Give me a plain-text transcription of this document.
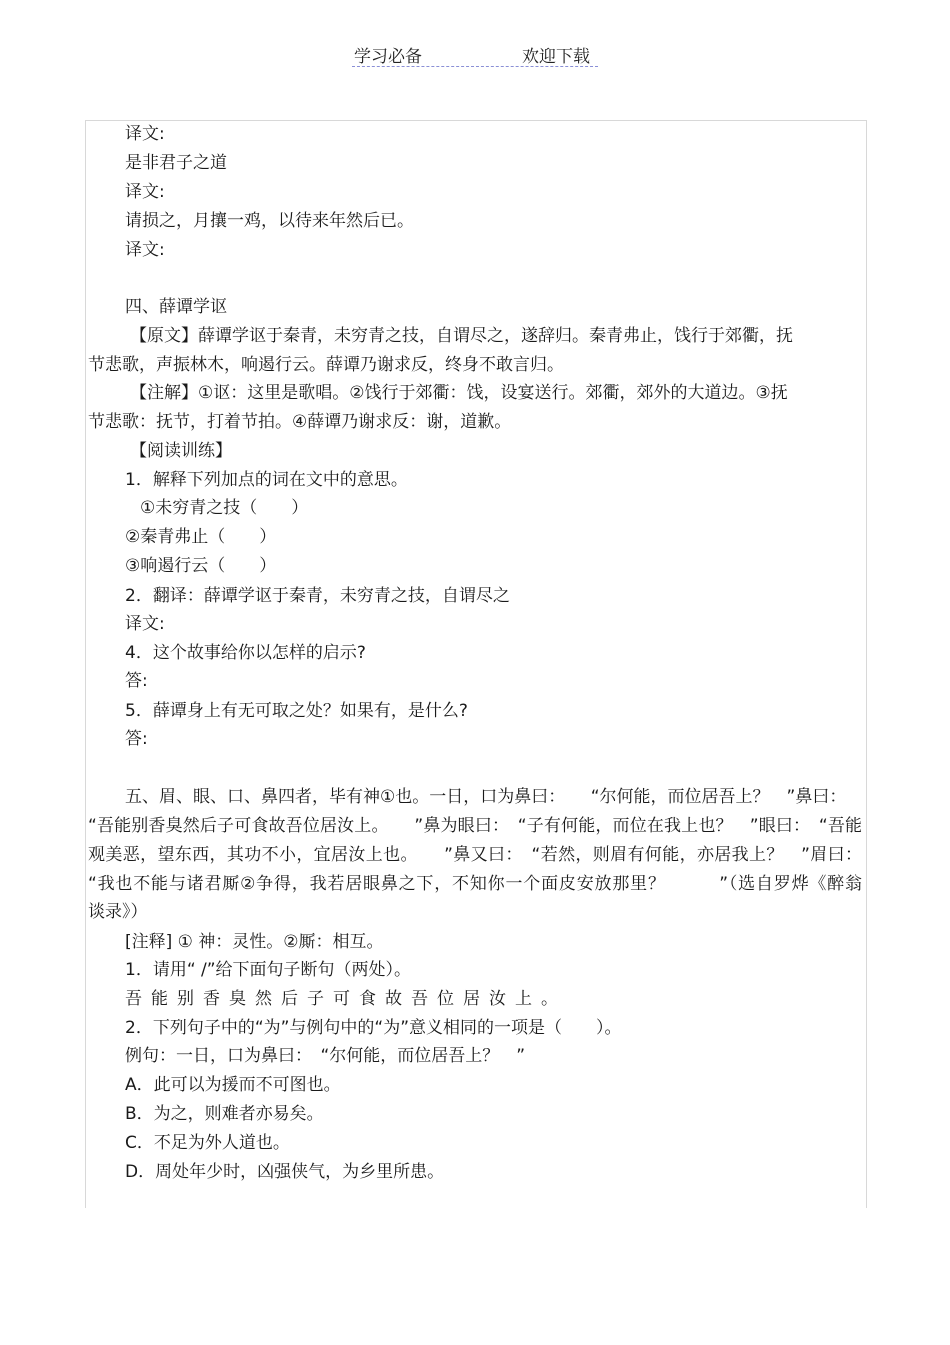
学习必备	欢迎下载
译文:
是非君子之道
译文:
请损之，月攘一鸡，以待来年然后已。
译文:
四、薛谭学讴
【原文】薛谭学讴于秦青，未穷青之技，自谓尽之，遂辞归。秦青弗止，饯行于郊衢，抚
节悲歌，声振林木，响遏行云。薛谭乃谢求反，终身不敢言归。
【注解】①讴：这里是歌唱。②饯行于郊衢：饯，设宴送行。郊衢，郊外的大道边。③抚
节悲歌：抚节，打着节拍。④薛谭乃谢求反：谢，道歉。
【阅读训练】
1．解释下列加点的词在文中的意思。
①未穷青之技（　　）
②秦青弗止（　　）
③响遏行云（　　）
2．翻译：薛谭学讴于秦青，未穷青之技，自谓尽之
译文:
4．这个故事给你以怎样的启示?
答:
5．薛谭身上有无可取之处？如果有，是什么?
答:
五、眉、眼、口、鼻四者，毕有神①也。一日，口为鼻曰：　　“尔何能，而位居吾上？　”鼻曰：
“吾能别香臭然后子可食故吾位居汝上。　　”鼻为眼曰：　“子有何能，而位在我上也？　”眼曰：　“吾能
观美恶，望东西，其功不小，宜居汝上也。　　”鼻又曰：　“若然，则眉有何能，亦居我上？　”眉曰：
“我也不能与诸君厮②争得，我若居眼鼻之下，不知你一个面皮安放那里？　　　”（选自罗烨《醉翁
谈录》）
[注释] ① 神：灵性。②厮：相互。
1．请用“ /”给下面句子断句（两处）。
吾能别香臭然后子可食故吾位居汝上。
2．下列句子中的“为”与例句中的“为”意义相同的一项是（　　）。
例句：一日，口为鼻曰：　“尔何能，而位居吾上？　”
A．此可以为援而不可图也。
B．为之，则难者亦易矣。
C．不足为外人道也。
D．周处年少时，凶强侠气，为乡里所患。
